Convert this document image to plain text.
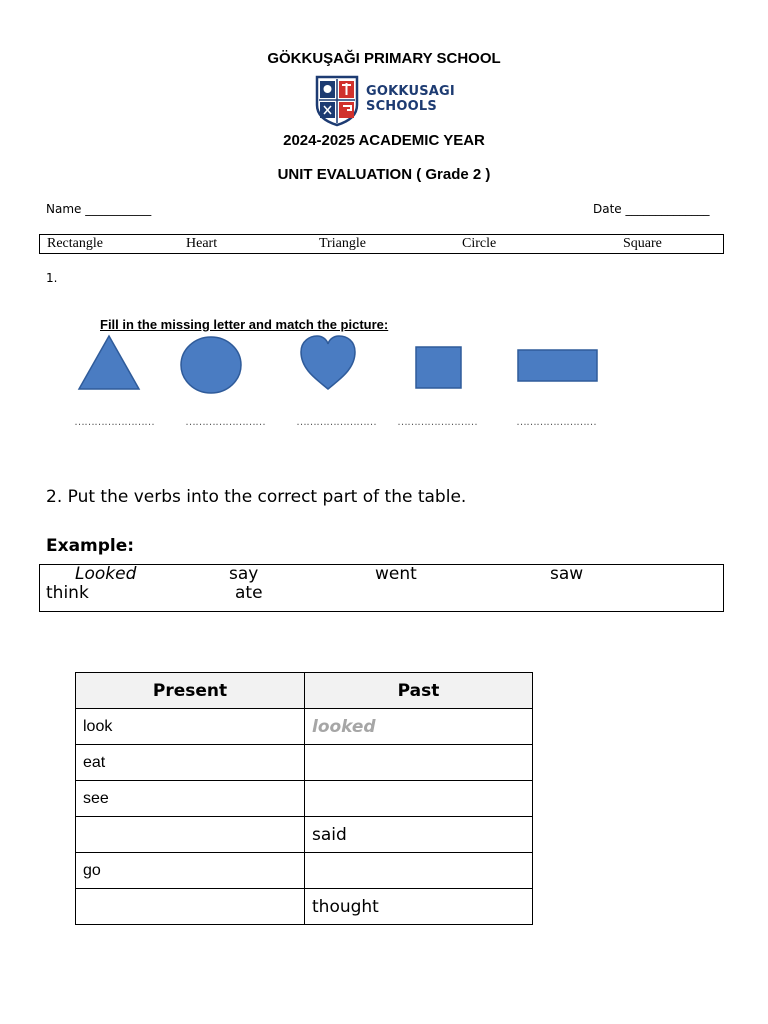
GÖKKUŞAĞI PRIMARY SCHOOL
GOKKUSAGI
SCHOOLS
2024-2025 ACADEMIC YEAR
UNIT EVALUATION ( Grade 2 )
Name ___________	Date ______________
Rectangle	Heart	Triangle	Circle	Square
1.
Fill in the missing letter and match the picture:
……………………	……………………	…………………… ……………………	……………………
2. Put the verbs into the correct part of the table.
Example:
Looked	say	went	saw
think	ate
Present	Past
look	looked
eat	
see	
	said
go	
	thought
